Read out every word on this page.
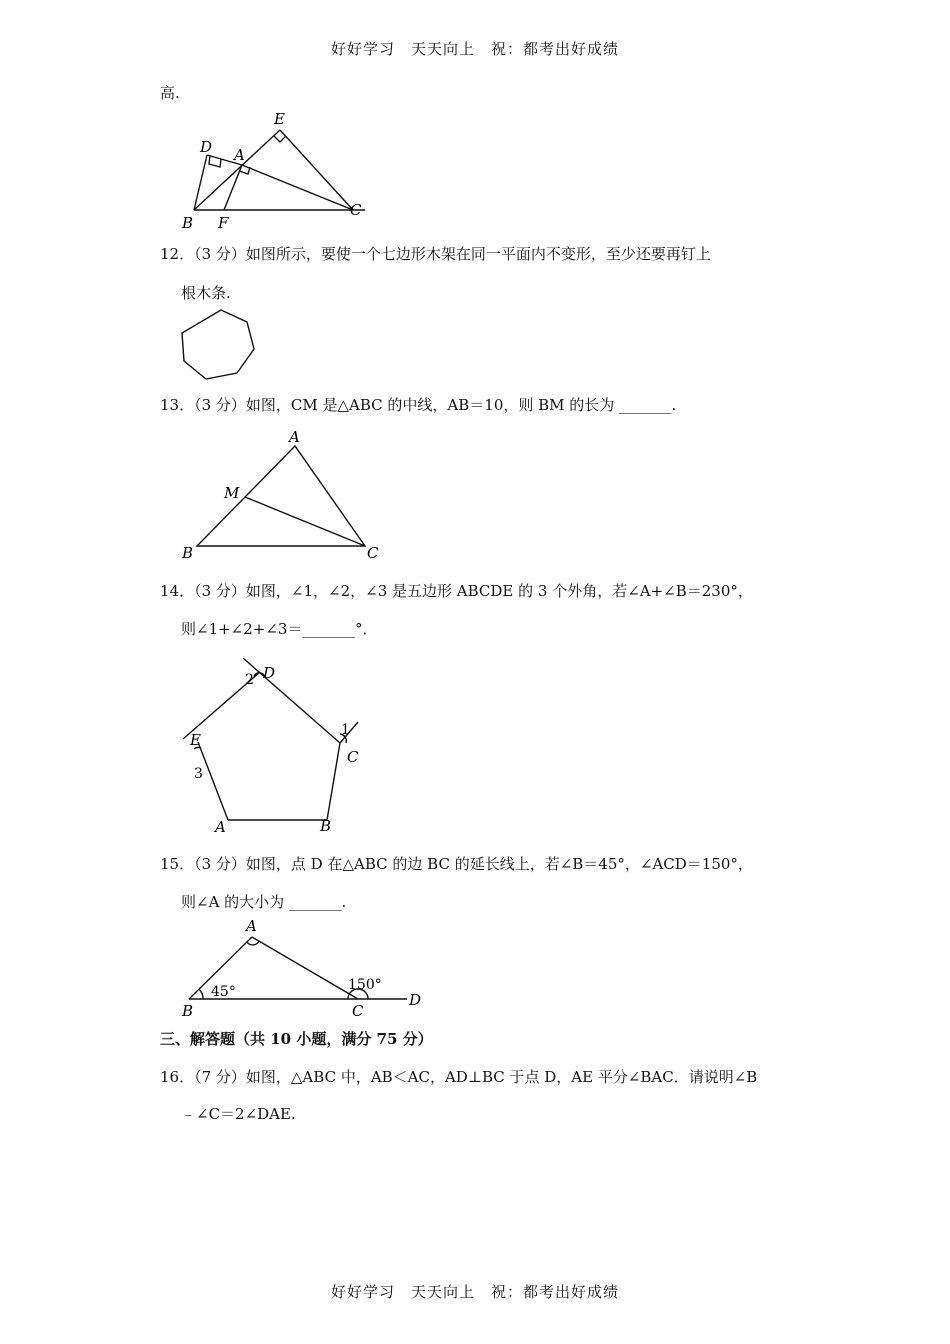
好好学习　天天向上　祝：都考出好成绩
高.
E
D A
B F
C
12．（3 分）如图所示，要使一个七边形木架在同一平面内不变形，至少还要再钉上
根木条.
13．（3 分）如图，CM 是△ABC 的中线，AB＝10，则 BM 的长为 _______.
A
M
B	C
14．（3 分）如图，∠1，∠2，∠3 是五边形 ABCDE 的 3 个外角，若∠A+∠B＝230°，
则∠1+∠2+∠3＝_______°．
D
2
1
C
E
3
A	B
15．（3 分）如图，点 D 在△ABC 的边 BC 的延长线上，若∠B＝45°，∠ACD＝150°，
则∠A 的大小为 _______.
A
45°	150°
B	C
D
三、解答题（共 10 小题，满分 75 分）
16．（7 分）如图，△ABC 中，AB＜AC，AD⊥BC 于点 D，AE 平分∠BAC．请说明∠B
﹣∠C＝2∠DAE.
好好学习　天天向上　祝：都考出好成绩
